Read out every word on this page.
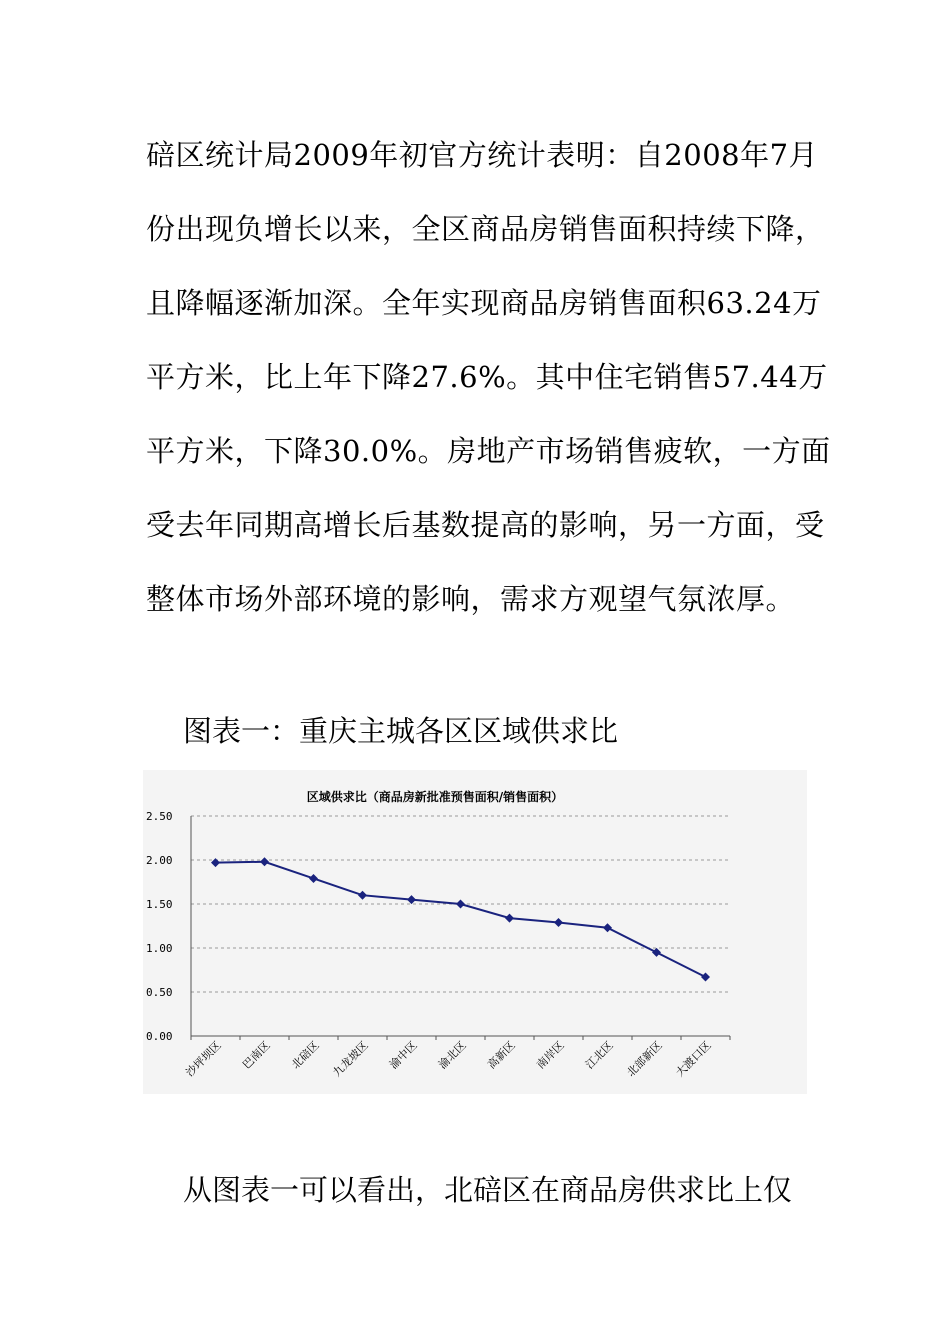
碚区统计局2009年初官方统计表明：自2008年7月
份出现负增长以来，全区商品房销售面积持续下降，
且降幅逐渐加深。全年实现商品房销售面积63.24万
平方米，比上年下降27.6%。其中住宅销售57.44万
平方米，下降30.0%。房地产市场销售疲软，一方面
受去年同期高增长后基数提高的影响，另一方面，受
整体市场外部环境的影响，需求方观望气氛浓厚。
图表一：重庆主城各区区域供求比
区域供求比（商品房新批准预售面积/销售面积）
0.00
0.50
1.00
1.50
2.00
2.50
沙坪坝区 巴南区 北碚区 九龙坡区 渝中区 渝北区 高新区 南岸区 江北区 北部新区 大渡口区
从图表一可以看出，北碚区在商品房供求比上仅
